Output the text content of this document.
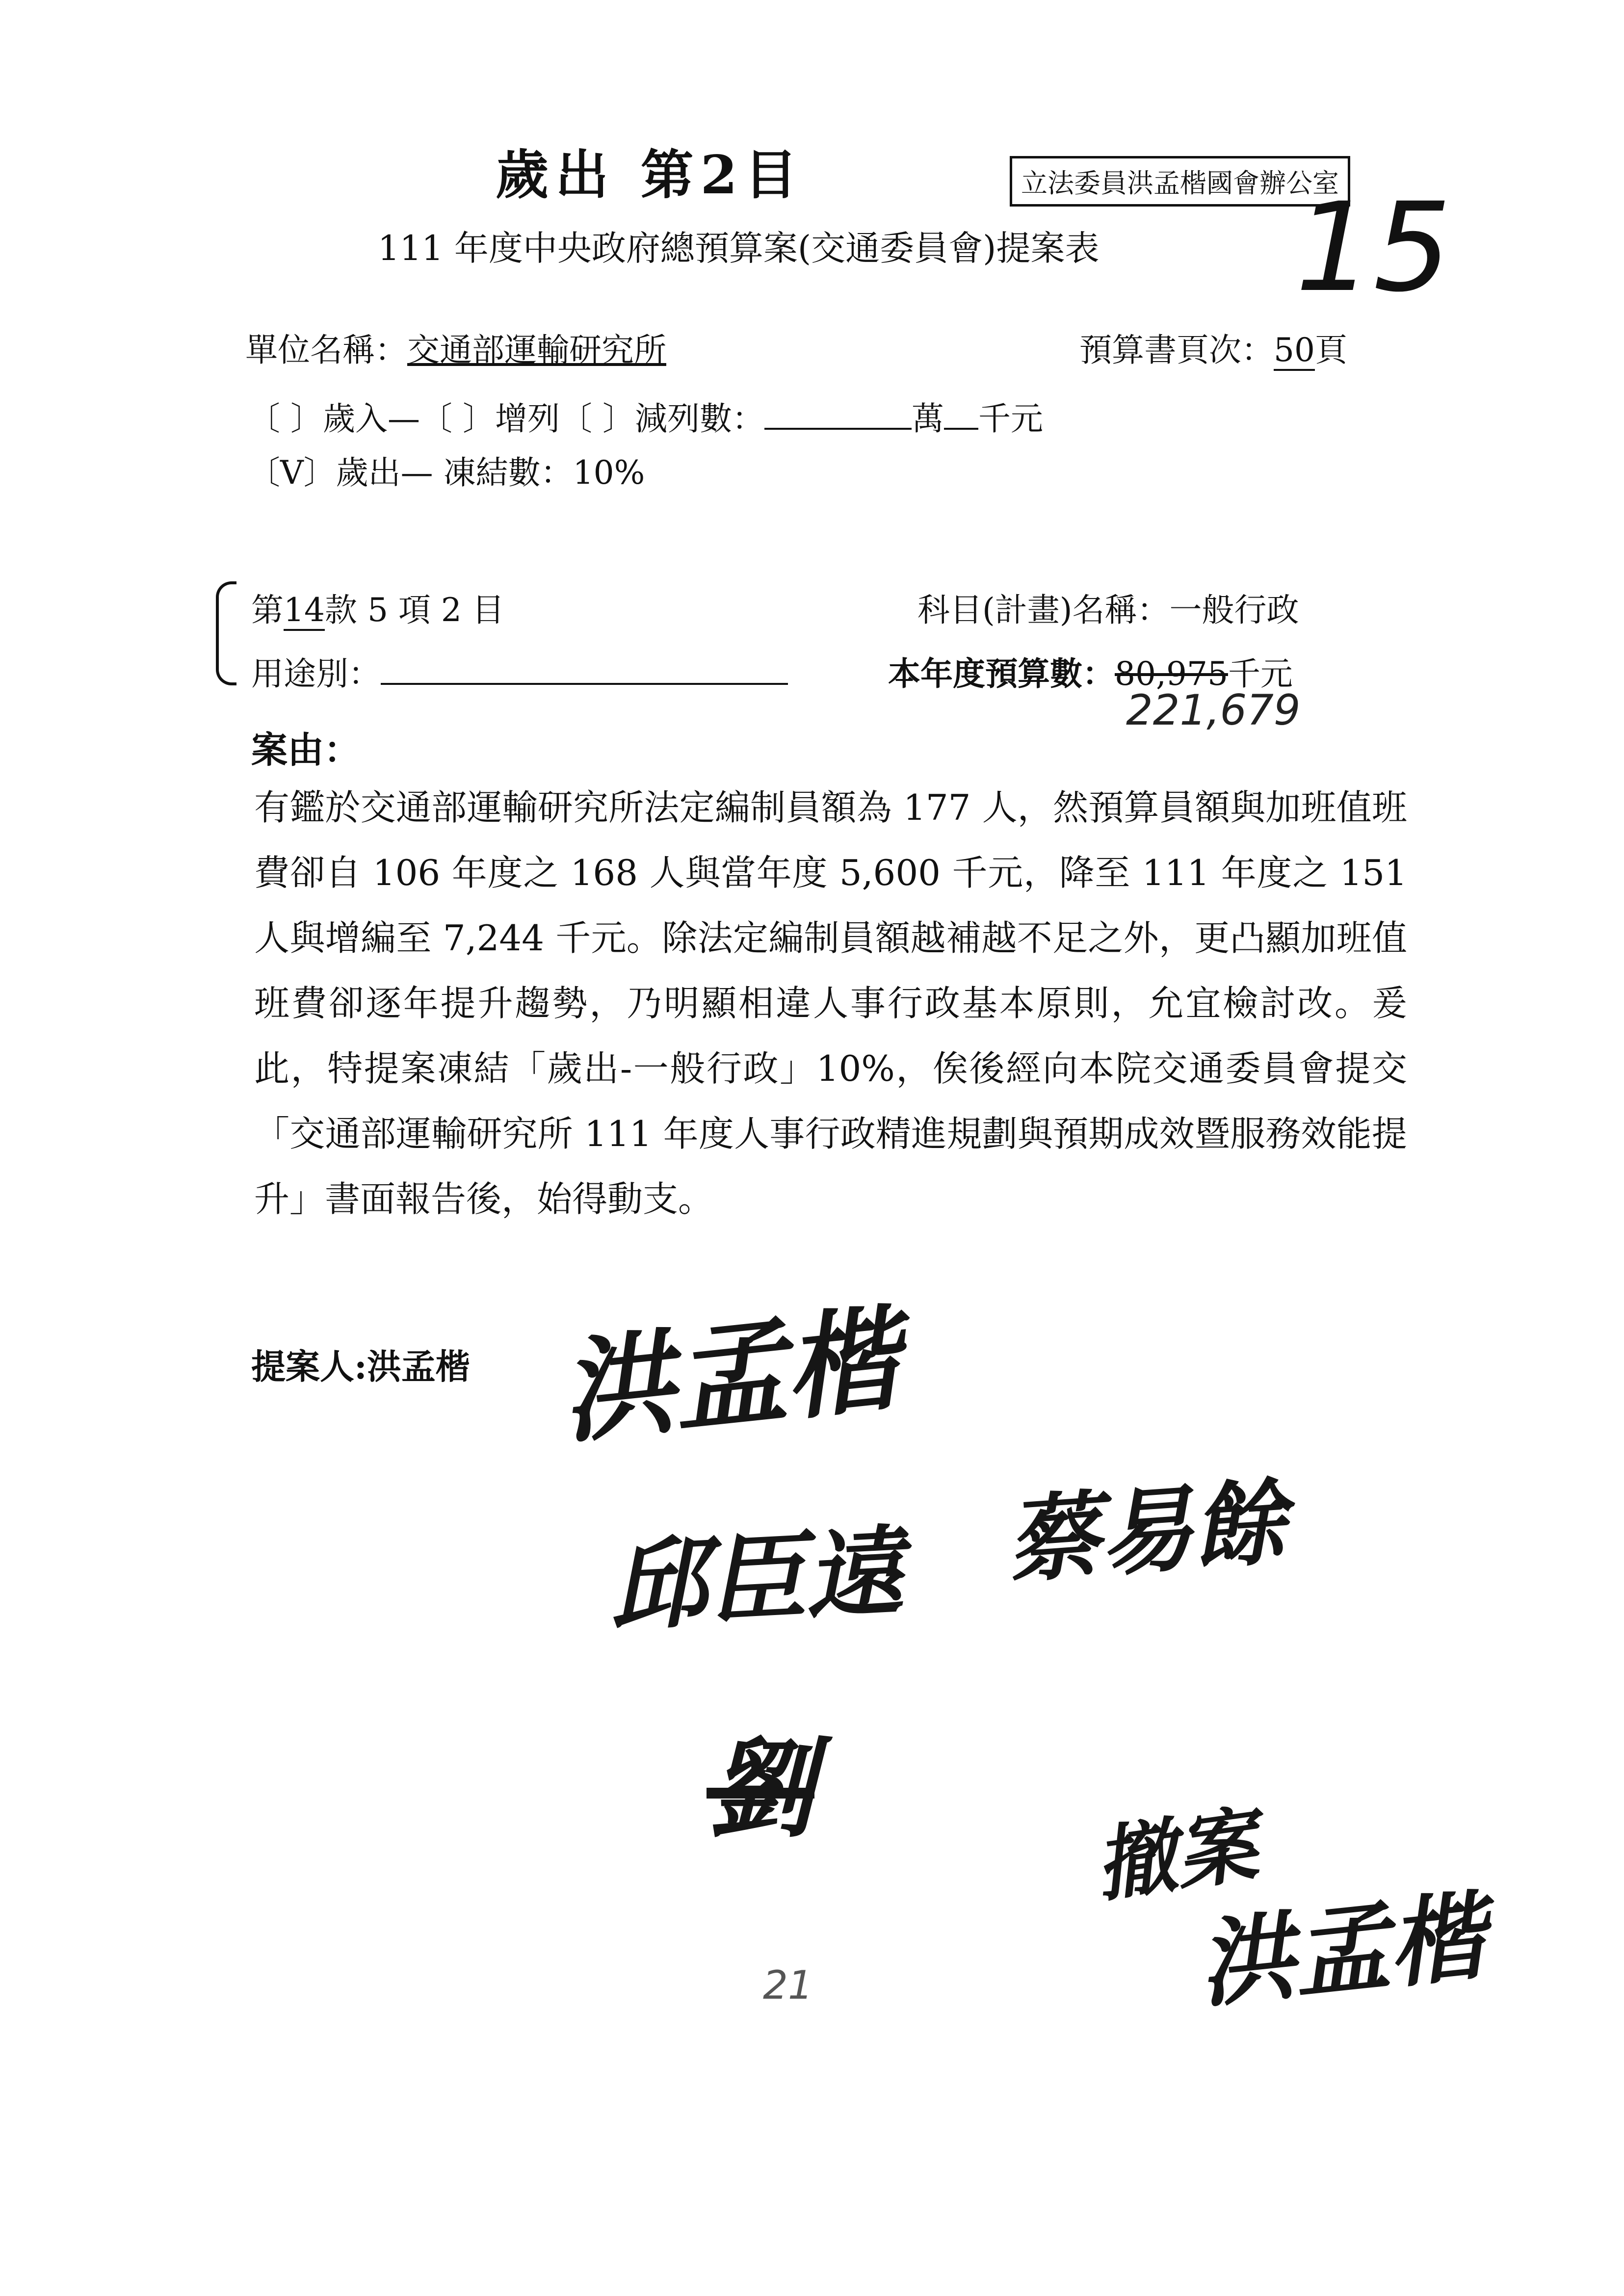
歲出 第2目	立法委員洪孟楷國會辦公室
15
111 年度中央政府總預算案(交通委員會)提案表
單位名稱：交通部運輸研究所	預算書頁次：50頁
〔 〕歲入—〔 〕增列〔 〕減列數：	萬 千元
〔V〕歲出— 凍結數：10%
第14款 5 項 2 目	科目(計畫)名稱：一般行政
用途別：	本年度預算數：80,975千元
221,679
案由：
有鑑於交通部運輸研究所法定編制員額為 177 人，然預算員額與加班值班費卻自 106 年度之 168 人與當年度 5,600 千元，降至 111 年度之 151 人與增編至 7,244 千元。除法定編制員額越補越不足之外，更凸顯加班值班費卻逐年提升趨勢，乃明顯相違人事行政基本原則，允宜檢討改。爰此，特提案凍結「歲出-一般行政」10%，俟後經向本院交通委員會提交「交通部運輸研究所 111 年度人事行政精進規劃與預期成效暨服務效能提升」書面報告後，始得動支。
提案人:洪孟楷 洪孟楷
邱臣遠 蔡易餘
劉
撤案
洪孟楷
21
